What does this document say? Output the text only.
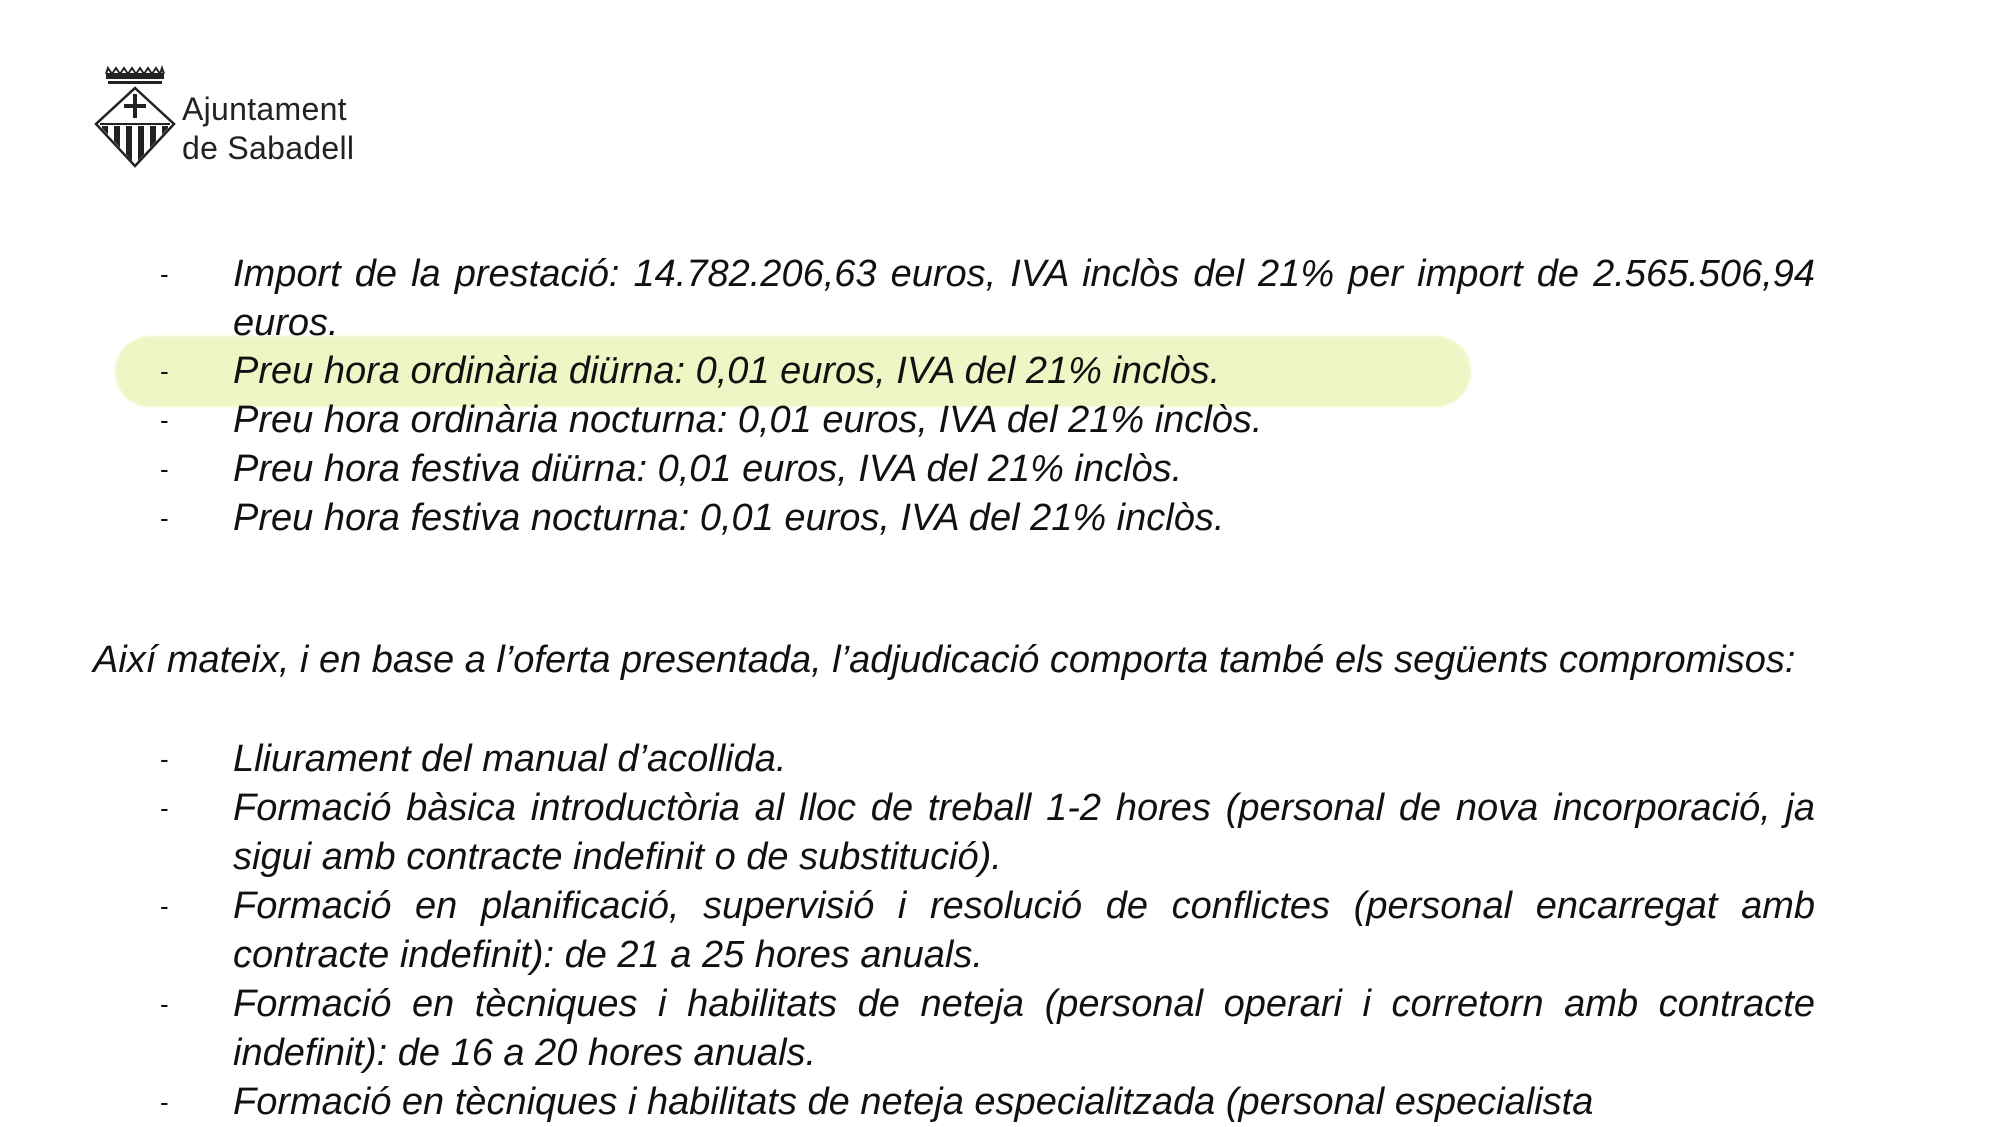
Ajuntament
de Sabadell
- Import de la prestació: 14.782.206,63 euros, IVA inclòs del 21% per import de 2.565.506,94 euros.
- Preu hora ordinària diürna: 0,01 euros, IVA del 21% inclòs.
- Preu hora ordinària nocturna: 0,01 euros, IVA del 21% inclòs.
- Preu hora festiva diürna: 0,01 euros, IVA del 21% inclòs.
- Preu hora festiva nocturna: 0,01 euros, IVA del 21% inclòs.

Així mateix, i en base a l’oferta presentada, l’adjudicació comporta també els següents compromisos:

- Lliurament del manual d’acollida.
- Formació bàsica introductòria al lloc de treball 1-2 hores (personal de nova incorporació, ja sigui amb contracte indefinit o de substitució).
- Formació en planificació, supervisió i resolució de conflictes (personal encarregat amb contracte indefinit): de 21 a 25 hores anuals.
- Formació en tècniques i habilitats de neteja (personal operari i corretorn amb contracte indefinit): de 16 a 20 hores anuals.
- Formació en tècniques i habilitats de neteja especialitzada (personal especialista
